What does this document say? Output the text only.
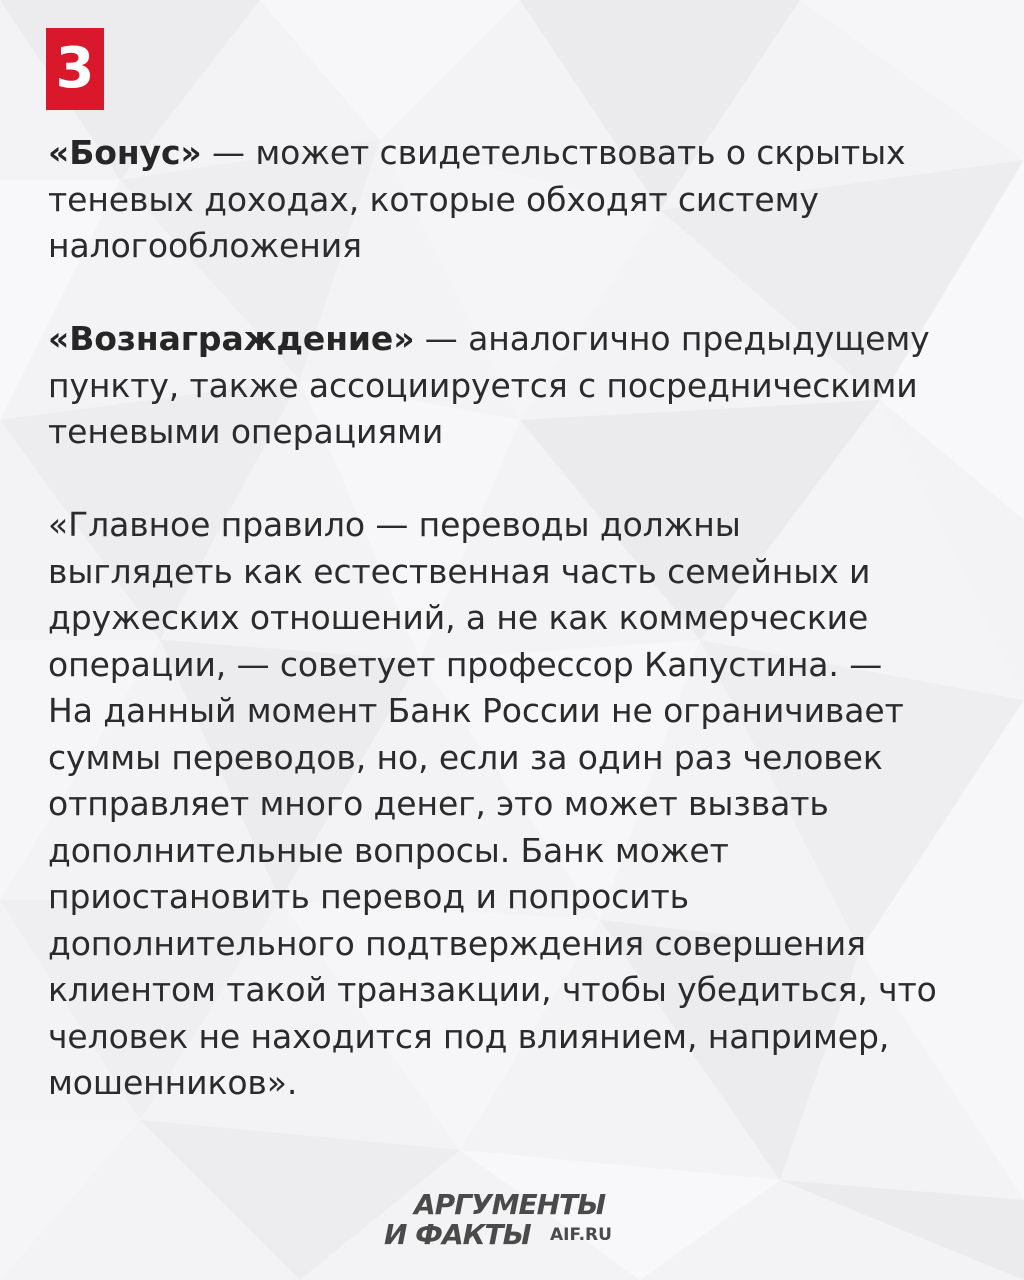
3

«Бонус» — может свидетельствовать о скрытых
теневых доходах, которые обходят систему
налогообложения

«Вознаграждение» — аналогично предыдущему
пункту, также ассоциируется с посредническими
теневыми операциями

«Главное правило — переводы должны
выглядеть как естественная часть семейных и
дружеских отношений, а не как коммерческие
операции, — советует профессор Капустина. —
На данный момент Банк России не ограничивает
суммы переводов, но, если за один раз человек
отправляет много денег, это может вызвать
дополнительные вопросы. Банк может
приостановить перевод и попросить
дополнительного подтверждения совершения
клиентом такой транзакции, чтобы убедиться, что
человек не находится под влиянием, например,
мошенников».

АРГУМЕНТЫ
И ФАКТЫ AIF.RU
